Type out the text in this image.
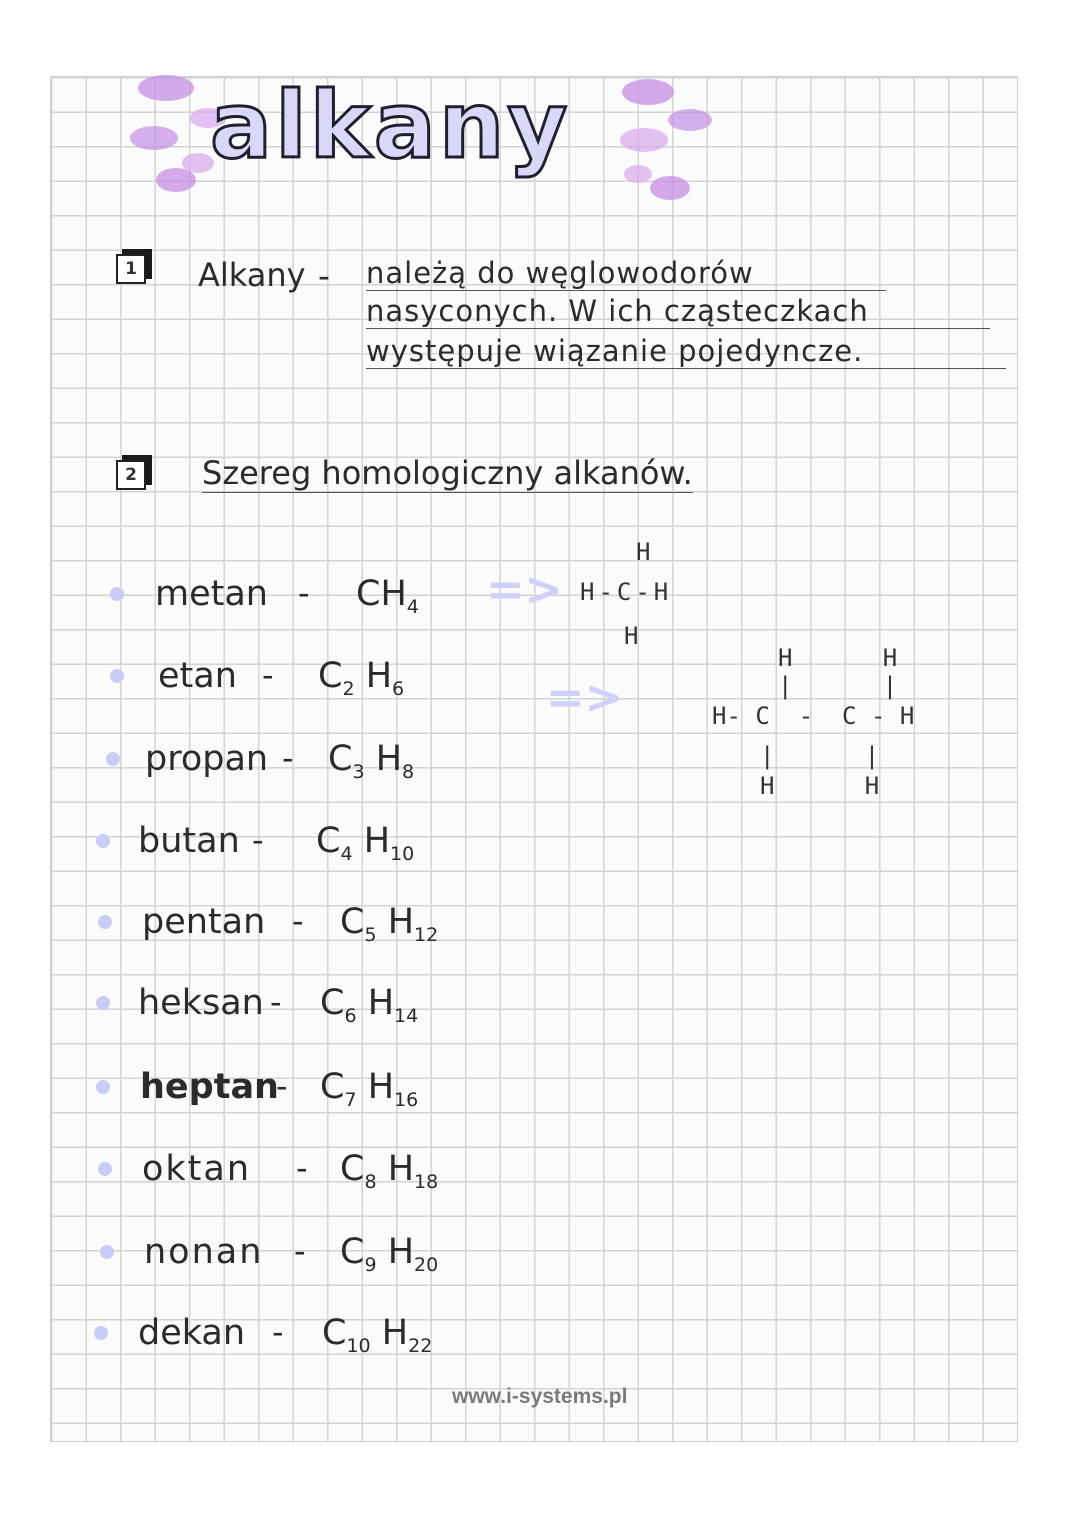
alkany
1 Alkany - należą do węglowodorów
nasyconych. W ich cząsteczkach
występuje wiązanie pojedyncze.
2 Szereg homologiczny alkanów.
metan - $CH_4$
etan - $C_2$ $H_6$
propan - $C_3$ $H_8$
butan - $C_4$ $H_{10}$
pentan - $C_5$ $H_{12}$
heksan - $C_6$ $H_{14}$
heptan
- $C_7$ $H_{16}$
oktan - $C_8$ $H_{18}$
nonan - $C_9$ $H_{20}$
dekan - $C_{10}$ $H_{22}$
=>
=>
H
H-C-H
H
H     H
|     |
H- C  -  C - H
|     |
H     H
www.i-systems.pl
